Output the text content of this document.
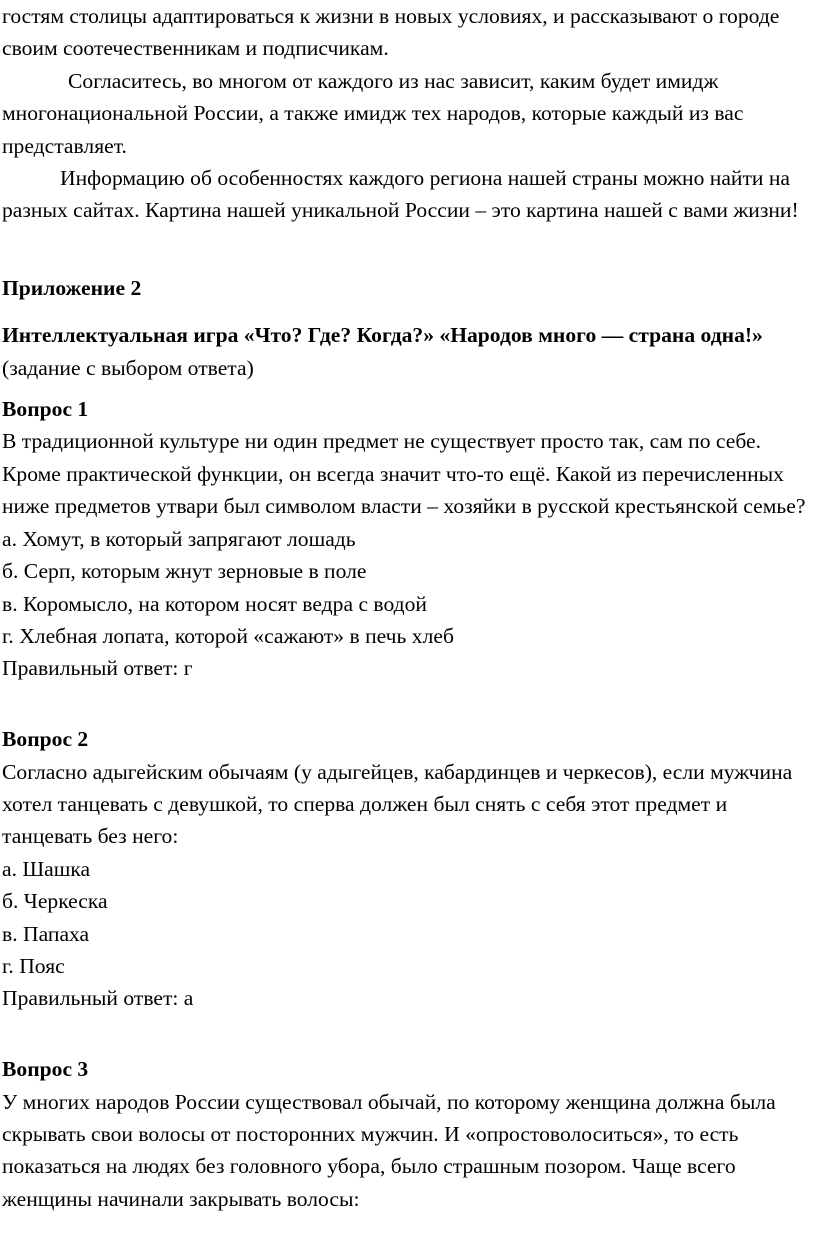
гостям столицы адаптироваться к жизни в новых условиях, и рассказывают о городе своим соотечественникам и подписчикам.

Согласитесь, во многом от каждого из нас зависит, каким будет имидж многонациональной России, а также имидж тех народов, которые каждый из вас представляет.

Информацию об особенностях каждого региона нашей страны можно найти на разных сайтах. Картина нашей уникальной России – это картина нашей с вами жизни!

Приложение 2

Интеллектуальная игра «Что? Где? Когда?» «Народов много — страна одна!» (задание с выбором ответа)

Вопрос 1

В традиционной культуре ни один предмет не существует просто так, сам по себе. Кроме практической функции, он всегда значит что-то ещё. Какой из перечисленных ниже предметов утвари был символом власти – хозяйки в русской крестьянской семье?

а. Хомут, в который запрягают лошадь

б. Серп, которым жнут зерновые в поле

в. Коромысло, на котором носят ведра с водой

г. Хлебная лопата, которой «сажают» в печь хлеб

Правильный ответ: г

Вопрос 2

Согласно адыгейским обычаям (у адыгейцев, кабардинцев и черкесов), если мужчина хотел танцевать с девушкой, то сперва должен был снять с себя этот предмет и танцевать без него:

а. Шашка

б. Черкеска

в. Папаха

г. Пояс

Правильный ответ: а

Вопрос 3

У многих народов России существовал обычай, по которому женщина должна была скрывать свои волосы от посторонних мужчин. И «опростоволоситься», то есть показаться на людях без головного убора, было страшным позором. Чаще всего женщины начинали закрывать волосы:
